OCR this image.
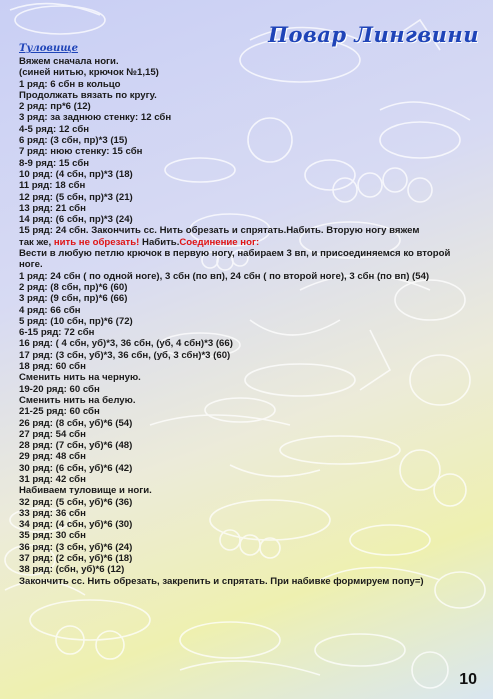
Повар Лингвини
Туловище
Вяжем сначала ноги.
(синей нитью, крючок №1,15)
1 ряд: 6 сбн в кольцо
Продолжать вязать по кругу.
2 ряд: пр*6 (12)
3 ряд: за заднюю стенку: 12 сбн
4-5 ряд: 12 сбн
6 ряд: (3 сбн, пр)*3 (15)
7 ряд: нюю стенку: 15 сбн
8-9 ряд: 15 сбн
10 ряд: (4 сбн, пр)*3 (18)
11 ряд: 18 сбн
12 ряд: (5 сбн, пр)*3 (21)
13 ряд: 21 сбн
14 ряд: (6 сбн, пр)*3 (24)
15 ряд: 24 сбн. Закончить сс. Нить обрезать и спрятать.Набить. Вторую ногу вяжем
так же, нить не обрезать! Набить.Соединение ног:
Вести в любую петлю крючок в первую ногу, набираем 3 вп, и присоединяемся ко второй ноге.
1 ряд: 24 сбн ( по одной ноге), 3 сбн (по вп), 24 сбн ( по второй ноге), 3 сбн (по вп) (54)
2 ряд: (8 сбн, пр)*6 (60)
3 ряд: (9 сбн, пр)*6 (66)
4 ряд: 66 сбн
5 ряд: (10 сбн, пр)*6 (72)
6-15 ряд: 72 сбн
16 ряд: ( 4 сбн, уб)*3, 36 сбн, (уб, 4 сбн)*3 (66)
17 ряд: (3 сбн, уб)*3, 36 сбн, (уб, 3 сбн)*3 (60)
18 ряд: 60 сбн
Сменить нить на черную.
19-20 ряд: 60 сбн
Сменить нить на белую.
21-25 ряд: 60 сбн
26 ряд: (8 сбн, уб)*6 (54)
27 ряд: 54 сбн
28 ряд: (7 сбн, уб)*6 (48)
29 ряд: 48 сбн
30 ряд: (6 сбн, уб)*6 (42)
31 ряд: 42 сбн
Набиваем туловище и ноги.
32 ряд: (5 сбн, уб)*6 (36)
33 ряд: 36 сбн
34 ряд: (4 сбн, уб)*6 (30)
35 ряд: 30 сбн
36 ряд: (3 сбн, уб)*6 (24)
37 ряд: (2 сбн, уб)*6 (18)
38 ряд: (сбн, уб)*6 (12)
Закончить сс. Нить обрезать, закрепить и спрятать. При набивке формируем попу=)
10
